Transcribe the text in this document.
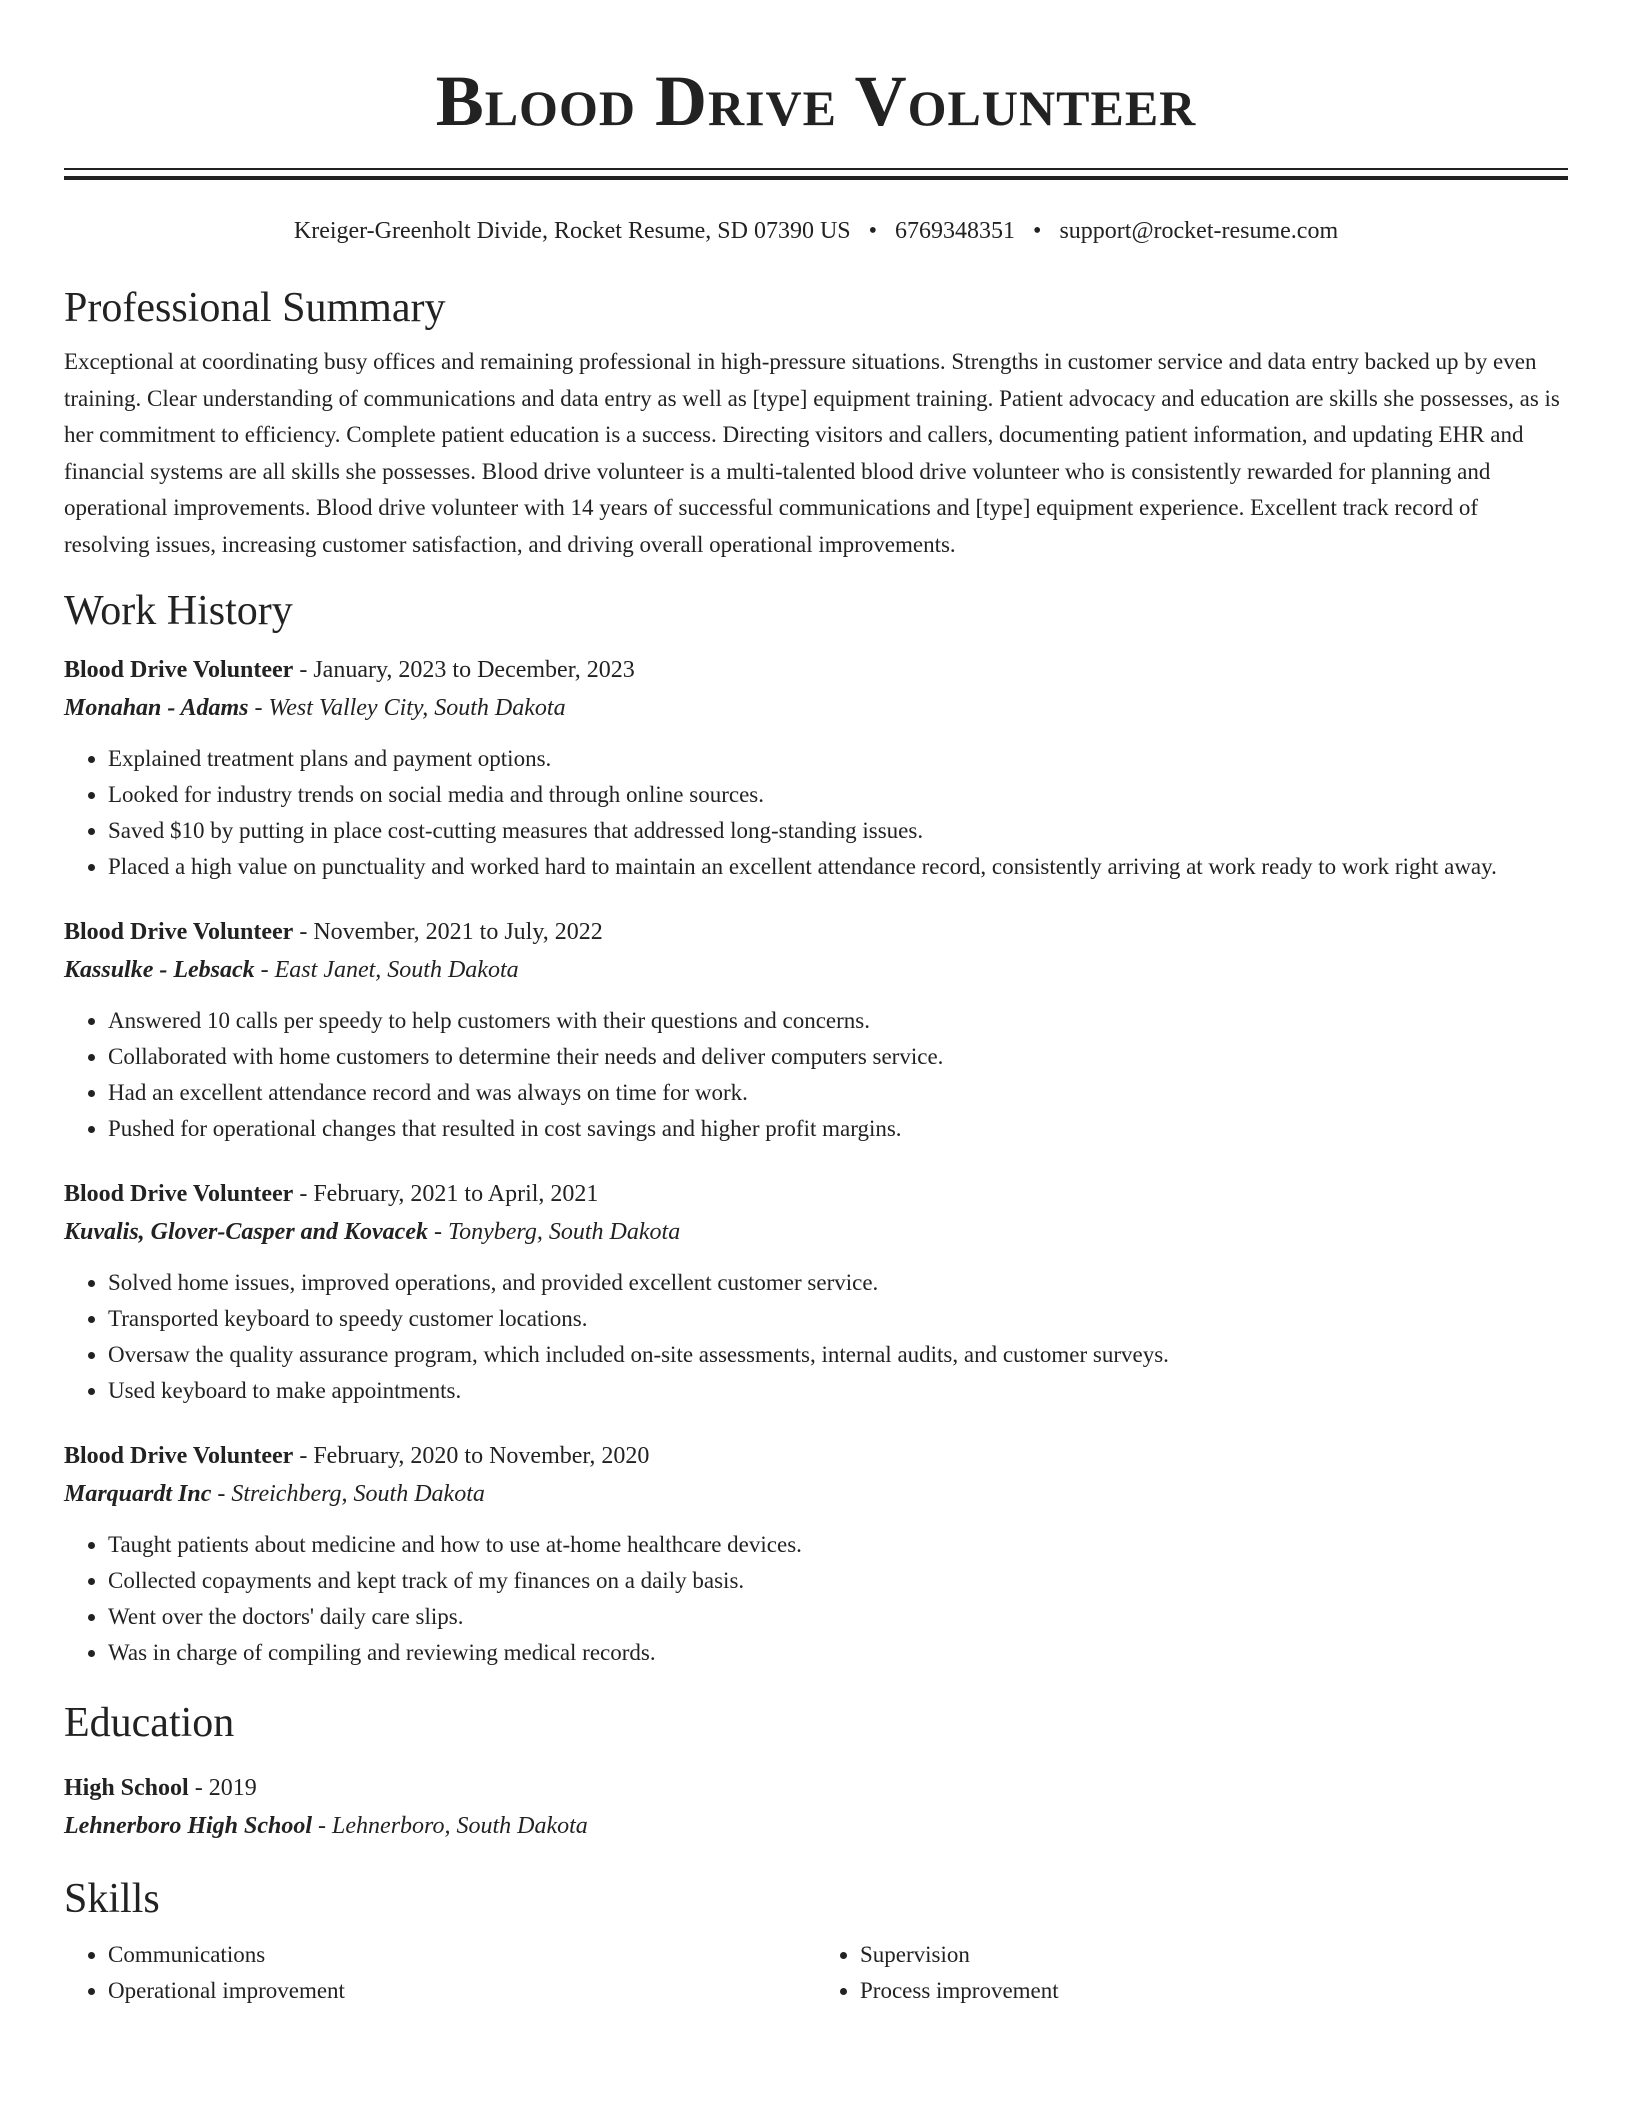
Blood Drive Volunteer
Kreiger-Greenholt Divide, Rocket Resume, SD 07390 US • 6769348351 • support@rocket-resume.com
Professional Summary

Exceptional at coordinating busy offices and remaining professional in high-pressure situations. Strengths in customer service and data entry backed up by even training. Clear understanding of communications and data entry as well as [type] equipment training. Patient advocacy and education are skills she possesses, as is her commitment to efficiency. Complete patient education is a success. Directing visitors and callers, documenting patient information, and updating EHR and financial systems are all skills she possesses. Blood drive volunteer is a multi-talented blood drive volunteer who is consistently rewarded for planning and operational improvements. Blood drive volunteer with 14 years of successful communications and [type] equipment experience. Excellent track record of resolving issues, increasing customer satisfaction, and driving overall operational improvements.

Work History
Blood Drive Volunteer - January, 2023 to December, 2023
Monahan - Adams - West Valley City, South Dakota
• Explained treatment plans and payment options.
• Looked for industry trends on social media and through online sources.
• Saved $10 by putting in place cost-cutting measures that addressed long-standing issues.
• Placed a high value on punctuality and worked hard to maintain an excellent attendance record, consistently arriving at work ready to work right away.
Blood Drive Volunteer - November, 2021 to July, 2022
Kassulke - Lebsack - East Janet, South Dakota
• Answered 10 calls per speedy to help customers with their questions and concerns.
• Collaborated with home customers to determine their needs and deliver computers service.
• Had an excellent attendance record and was always on time for work.
• Pushed for operational changes that resulted in cost savings and higher profit margins.
Blood Drive Volunteer - February, 2021 to April, 2021
Kuvalis, Glover-Casper and Kovacek - Tonyberg, South Dakota
• Solved home issues, improved operations, and provided excellent customer service.
• Transported keyboard to speedy customer locations.
• Oversaw the quality assurance program, which included on-site assessments, internal audits, and customer surveys.
• Used keyboard to make appointments.
Blood Drive Volunteer - February, 2020 to November, 2020
Marquardt Inc - Streichberg, South Dakota
• Taught patients about medicine and how to use at-home healthcare devices.
• Collected copayments and kept track of my finances on a daily basis.
• Went over the doctors' daily care slips.
• Was in charge of compiling and reviewing medical records.
Education
High School - 2019
Lehnerboro High School - Lehnerboro, South Dakota
Skills
• Communications
• Operational improvement
• Supervision
• Process improvement
